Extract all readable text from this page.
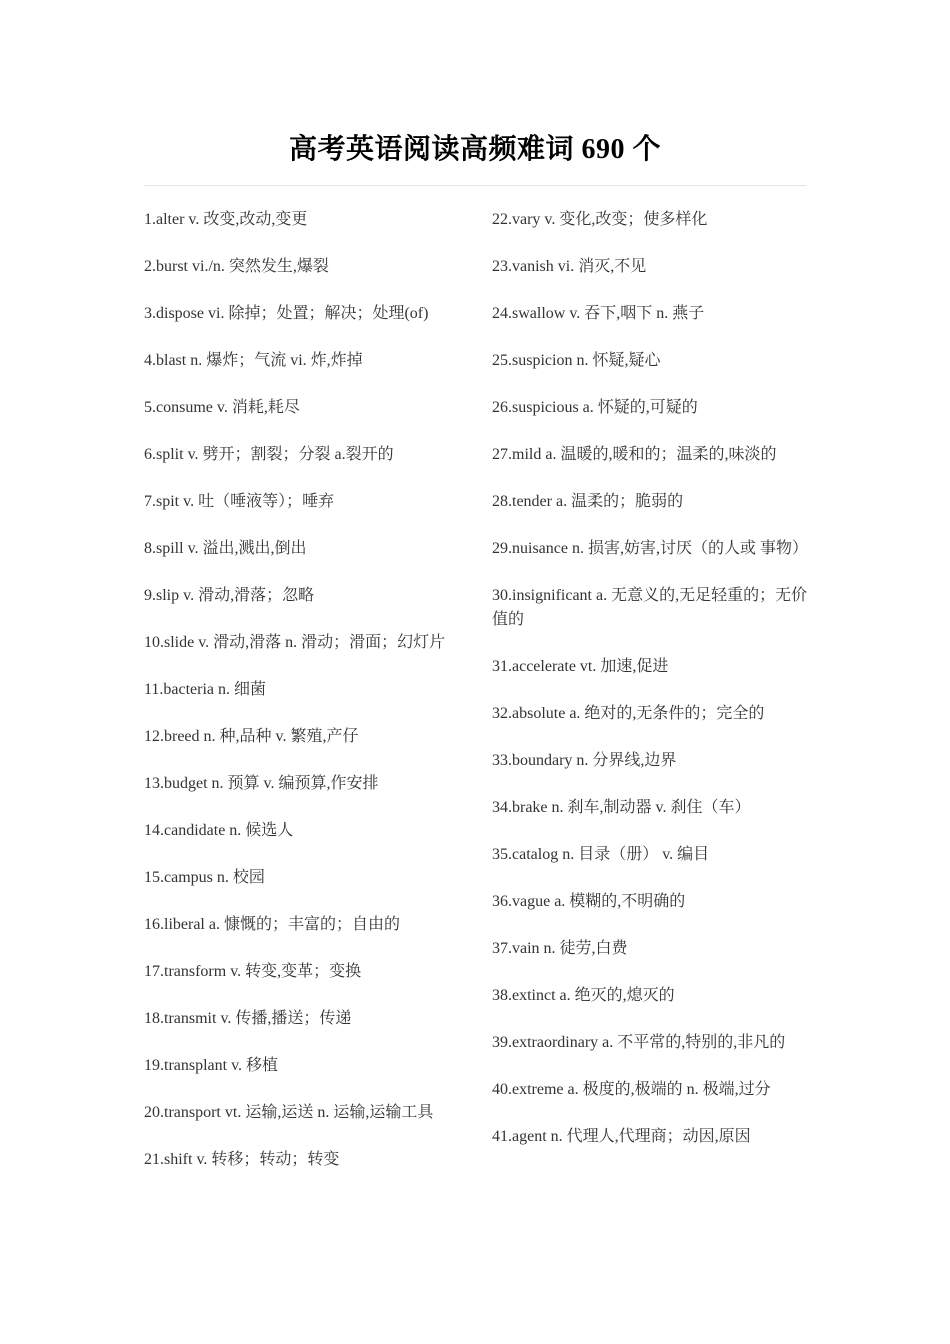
高考英语阅读高频难词 690 个
1.alter v. 改变,改动,变更
2.burst vi./n. 突然发生,爆裂
3.dispose vi. 除掉；处置；解决；处理(of)
4.blast n. 爆炸；气流 vi. 炸,炸掉
5.consume v. 消耗,耗尽
6.split v. 劈开；割裂；分裂 a.裂开的
7.spit v. 吐（唾液等）；唾弃
8.spill v. 溢出,溅出,倒出
9.slip v. 滑动,滑落；忽略
10.slide v. 滑动,滑落 n. 滑动；滑面；幻灯片
11.bacteria n. 细菌
12.breed n. 种,品种 v. 繁殖,产仔
13.budget n. 预算 v. 编预算,作安排
14.candidate n. 候选人
15.campus n. 校园
16.liberal a. 慷慨的；丰富的；自由的
17.transform v. 转变,变革；变换
18.transmit v. 传播,播送；传递
19.transplant v. 移植
20.transport vt. 运输,运送 n. 运输,运输工具
21.shift v. 转移；转动；转变
22.vary v. 变化,改变；使多样化
23.vanish vi. 消灭,不见
24.swallow v. 吞下,咽下 n. 燕子
25.suspicion n. 怀疑,疑心
26.suspicious a. 怀疑的,可疑的
27.mild a. 温暖的,暖和的；温柔的,味淡的
28.tender a. 温柔的；脆弱的
29.nuisance n. 损害,妨害,讨厌（的人或 事物）
30.insignificant a. 无意义的,无足轻重的；无价值的
31.accelerate vt. 加速,促进
32.absolute a. 绝对的,无条件的；完全的
33.boundary n. 分界线,边界
34.brake n. 刹车,制动器 v. 刹住（车）
35.catalog n. 目录（册） v. 编目
36.vague a. 模糊的,不明确的
37.vain n. 徒劳,白费
38.extinct a. 绝灭的,熄灭的
39.extraordinary a. 不平常的,特别的,非凡的
40.extreme a. 极度的,极端的 n. 极端,过分
41.agent n. 代理人,代理商；动因,原因
